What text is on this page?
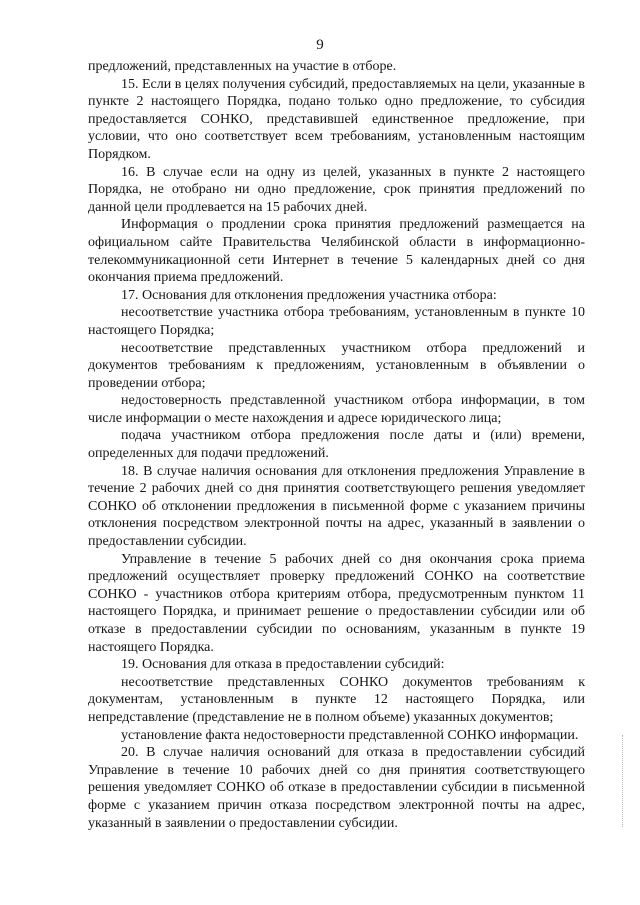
9

предложений, представленных на участие в отборе.

15. Если в целях получения субсидий, предоставляемых на цели, указанные в пункте 2 настоящего Порядка, подано только одно предложение, то субсидия предоставляется СОНКО, представившей единственное предложение, при условии, что оно соответствует всем требованиям, установленным настоящим Порядком.

16. В случае если на одну из целей, указанных в пункте 2 настоящего Порядка, не отобрано ни одно предложение, срок принятия предложений по данной цели продлевается на 15 рабочих дней.

Информация о продлении срока принятия предложений размещается на официальном сайте Правительства Челябинской области в информационно-телекоммуникационной сети Интернет в течение 5 календарных дней со дня окончания приема предложений.

17. Основания для отклонения предложения участника отбора:

несоответствие участника отбора требованиям, установленным в пункте 10 настоящего Порядка;

несоответствие представленных участником отбора предложений и документов требованиям к предложениям, установленным в объявлении о проведении отбора;

недостоверность представленной участником отбора информации, в том числе информации о месте нахождения и адресе юридического лица;

подача участником отбора предложения после даты и (или) времени, определенных для подачи предложений.

18. В случае наличия основания для отклонения предложения Управление в течение 2 рабочих дней со дня принятия соответствующего решения уведомляет СОНКО об отклонении предложения в письменной форме с указанием причины отклонения посредством электронной почты на адрес, указанный в заявлении о предоставлении субсидии.

Управление в течение 5 рабочих дней со дня окончания срока приема предложений осуществляет проверку предложений СОНКО на соответствие СОНКО - участников отбора критериям отбора, предусмотренным пунктом 11 настоящего Порядка, и принимает решение о предоставлении субсидии или об отказе в предоставлении субсидии по основаниям, указанным в пункте 19 настоящего Порядка.

19. Основания для отказа в предоставлении субсидий:

несоответствие представленных СОНКО документов требованиям к документам, установленным в пункте 12 настоящего Порядка, или непредставление (представление не в полном объеме) указанных документов;

установление факта недостоверности представленной СОНКО информации.

20. В случае наличия оснований для отказа в предоставлении субсидий Управление в течение 10 рабочих дней со дня принятия соответствующего решения уведомляет СОНКО об отказе в предоставлении субсидии в письменной форме с указанием причин отказа посредством электронной почты на адрес, указанный в заявлении о предоставлении субсидии.
